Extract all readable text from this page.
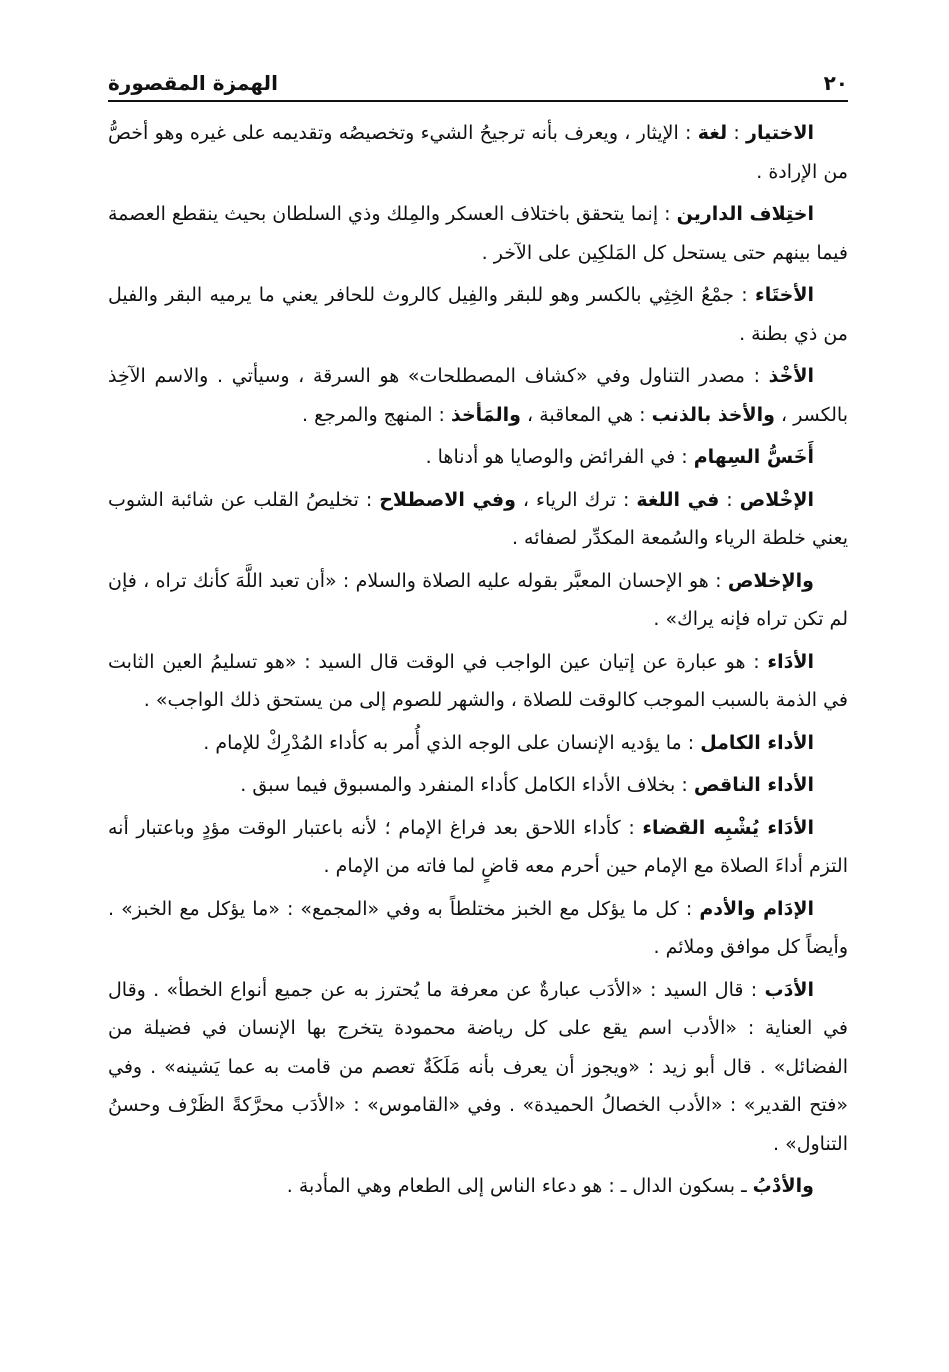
٢٠
الهمزة المقصورة

الاختيار : لغة : الإيثار ، ويعرف بأنه ترجيحُ الشيء وتخصيصُه وتقديمه على غيره وهو أخصُّ من الإرادة .

اختِلاف الدارين : إنما يتحقق باختلاف العسكر والمِلك وذي السلطان بحيث ينقطع العصمة فيما بينهم حتى يستحل كل المَلكِين على الآخر .

الأختَاء : جمْعُ الخِثِي بالكسر وهو للبقر والفِيل كالروث للحافر يعني ما يرميه البقر والفيل من ذي بطنة .

الأخْذ : مصدر التناول وفي «كشاف المصطلحات» هو السرقة ، وسيأتي . والاسم الآخِذ بالكسر ، والأخذ بالذنب : هي المعاقبة ، والمَأخذ : المنهج والمرجع .

أَخَسُّ السِهام : في الفرائض والوصايا هو أدناها .

الإخْلاص : في اللغة : ترك الرياء ، وفي الاصطلاح : تخليصُ القلب عن شائبة الشوب يعني خلطة الرياء والسُمعة المكدِّر لصفائه .

والإخلاص : هو الإحسان المعبَّر بقوله عليه الصلاة والسلام : «أن تعبد اللَّهَ كأنك تراه ، فإن لم تكن تراه فإنه يراك» .

الأدَاء : هو عبارة عن إتيان عين الواجب في الوقت قال السيد : «هو تسليمُ العين الثابت في الذمة بالسبب الموجب كالوقت للصلاة ، والشهر للصوم إلى من يستحق ذلك الواجب» .

الأداء الكامل : ما يؤديه الإنسان على الوجه الذي أُمر به كأداء المُدْرِكْ للإمام .

الأداء الناقص : بخلاف الأداء الكامل كأداء المنفرد والمسبوق فيما سبق .

الأدَاء يُشْبِه القضاء : كأداء اللاحق بعد فراغ الإمام ؛ لأنه باعتبار الوقت مؤدٍ وباعتبار أنه التزم أداءَ الصلاة مع الإمام حين أحرم معه قاضٍ لما فاته من الإمام .

الإدَام والأدم : كل ما يؤكل مع الخبز مختلطاً به وفي «المجمع» : «ما يؤكل مع الخبز» . وأيضاً كل موافق وملائم .

الأدَب : قال السيد : «الأدَب عبارةٌ عن معرفة ما يُحترز به عن جميع أنواع الخطأ» . وقال في العناية : «الأدب اسم يقع على كل رياضة محمودة يتخرج بها الإنسان في فضيلة من الفضائل» . قال أبو زيد : «ويجوز أن يعرف بأنه مَلَكَةٌ تعصم من قامت به عما يَشينه» . وفي «فتح القدير» : «الأدب الخصالُ الحميدة» . وفي «القاموس» : «الأدَب محرَّكةً الظَرْف وحسنُ التناول» .

والأدْبُ ـ بسكون الدال ـ : هو دعاء الناس إلى الطعام وهي المأدبة .
